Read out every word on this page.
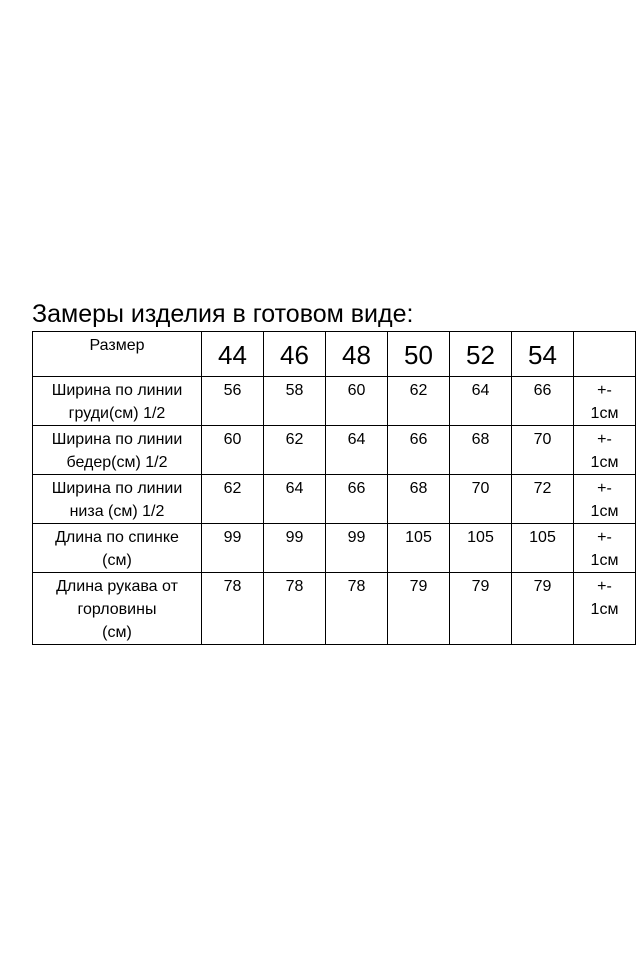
Замеры изделия в готовом виде:
Размер	44	46	48	50	52	54	

Ширина по линии
груди(см) 1/2	56	58	60	62	64	66	+-
1см

Ширина по линии
бедер(см) 1/2	60	62	64	66	68	70	+-
1см

Ширина по линии
низа (см) 1/2	62	64	66	68	70	72	+-
1см

Длина по спинке
(см)	99	99	99	105	105	105	+-
1см

Длина рукава от
горловины
(см)	78	78	78	79	79	79	+-
1см
